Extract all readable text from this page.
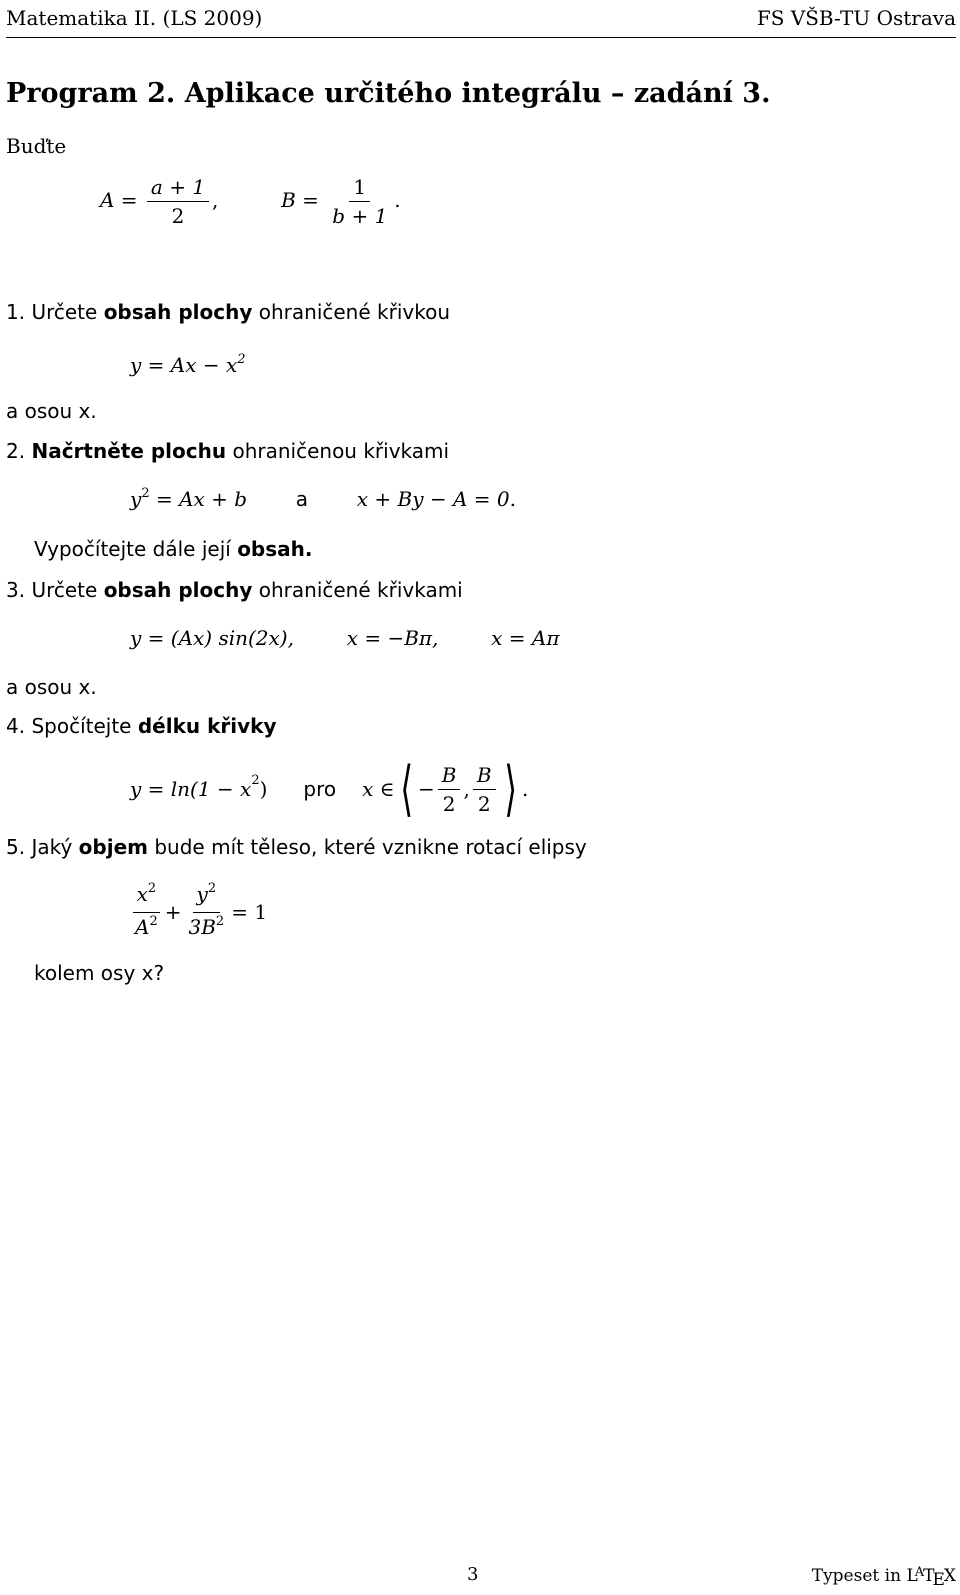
Matematika II. (LS 2009)	FS VŠB-TU Ostrava
Program 2. Aplikace určitého integrálu – zadání 3.
Buďte
$A = \frac{a + 1}{2}$ ,	$B = \frac{1}{b + 1}$ .
1. Určete obsah plochy ohraničené křivkou
$y = Ax - x^2$
a osou x.
2. Načrtněte plochu ohraničenou křivkami
$y^2 = Ax + b$ a x + By − A = 0.
Vypočítejte dále její obsah.
3. Určete obsah plochy ohraničené křivkami
y = (Ax) sin(2x),	x = −Bπ,	x = Aπ
a osou x.
4. Spočítejte délku křivky
$y = \ln(1 - x^2$ ) pro x ∈ ⟨ − $\frac{B}{2}$ , $\frac{B}{2}$ ⟩ .
5. Jaký objem bude mít těleso, které vznikne rotací elipsy
$\frac{x^2}{A^2} + \frac{y^2}{3B^2} = 1$
kolem osy x?
3	Typeset in $L^ATEX$
